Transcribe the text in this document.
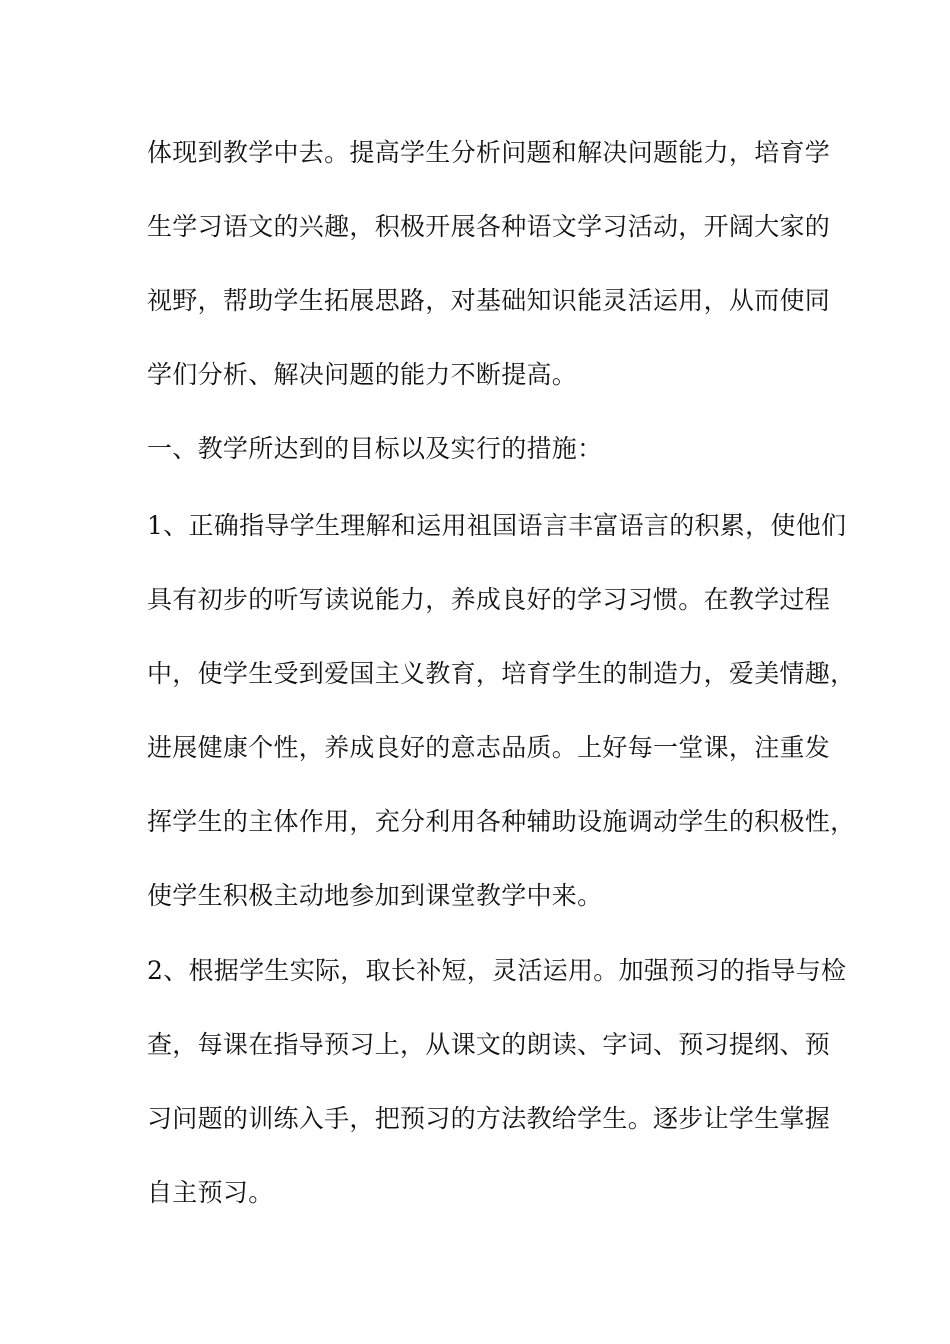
体现到教学中去。提高学生分析问题和解决问题能力，培育学
生学习语文的兴趣，积极开展各种语文学习活动，开阔大家的
视野，帮助学生拓展思路，对基础知识能灵活运用，从而使同
学们分析、解决问题的能力不断提高。
一、教学所达到的目标以及实行的措施：
1、正确指导学生理解和运用祖国语言丰富语言的积累，使他们
具有初步的听写读说能力，养成良好的学习习惯。在教学过程
中，使学生受到爱国主义教育，培育学生的制造力，爱美情趣，
进展健康个性，养成良好的意志品质。上好每一堂课，注重发
挥学生的主体作用，充分利用各种辅助设施调动学生的积极性，
使学生积极主动地参加到课堂教学中来。
2、根据学生实际，取长补短，灵活运用。加强预习的指导与检
查，每课在指导预习上，从课文的朗读、字词、预习提纲、预
习问题的训练入手，把预习的方法教给学生。逐步让学生掌握
自主预习。
